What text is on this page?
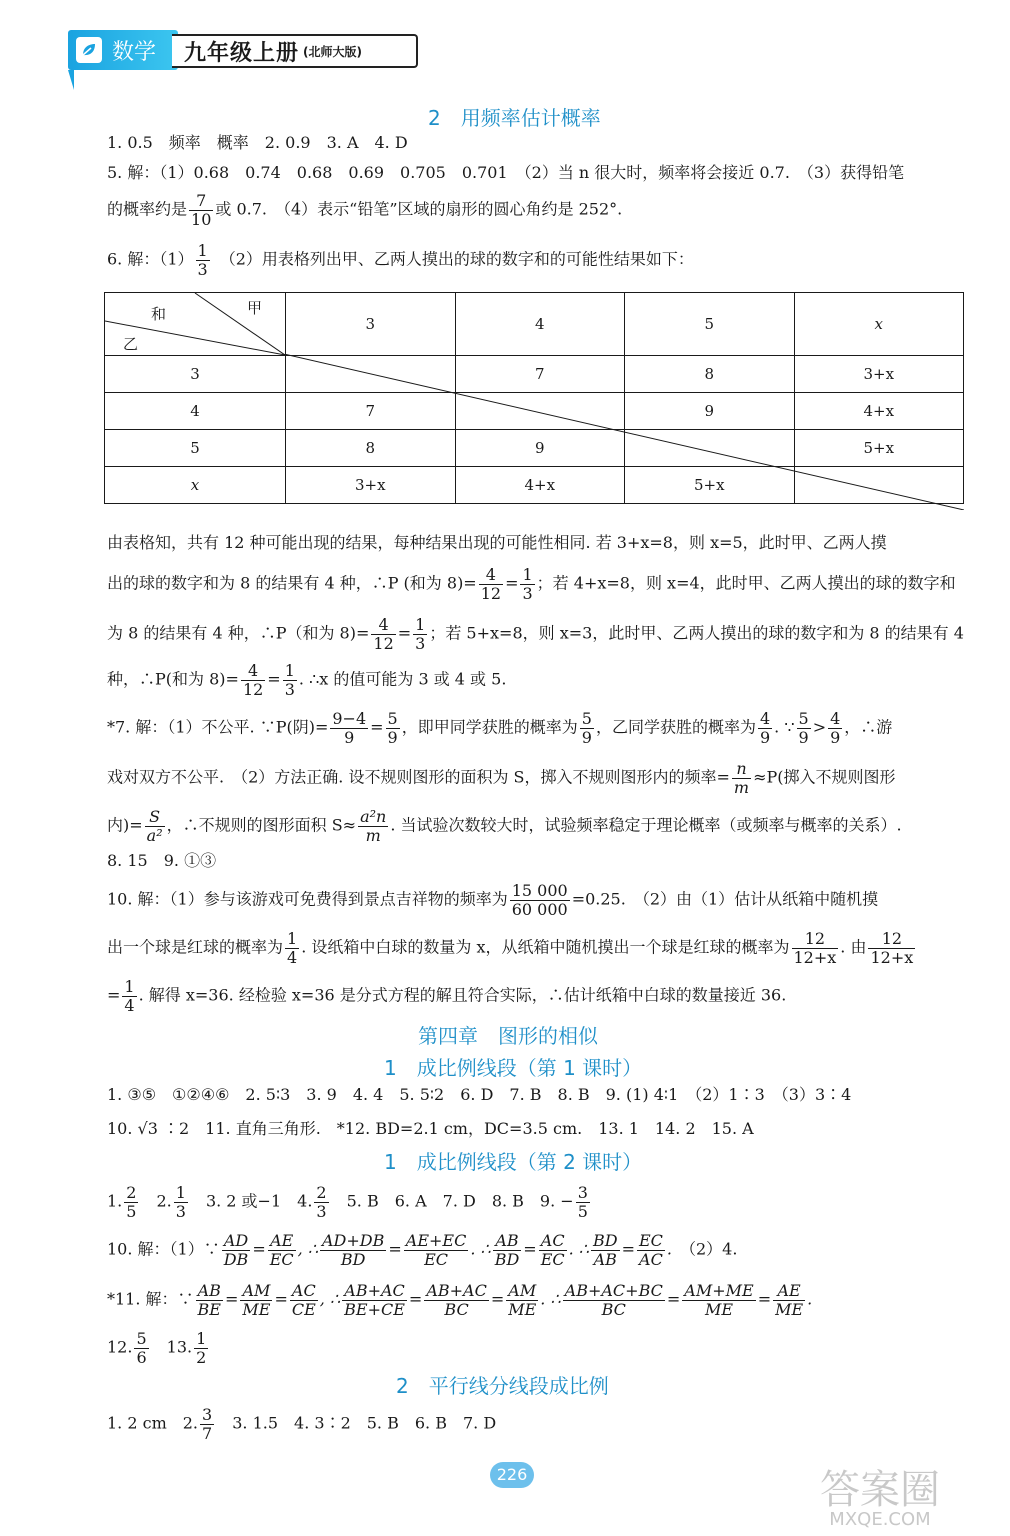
数学 九年级上册 (北师大版)
2　用频率估计概率
1. 0.5　频率　概率　2. 0.9　3. A　4. D
5. 解：（1）0.68　0.74　0.68　0.69　0.705　0.701　（2）当 n 很大时，频率将会接近 0.7.　（3）获得铅笔
的概率约是 $\frac{7}{10}$ 或 0.7.　（4）表示“铅笔”区域的扇形的圆心角约是 252°.
6. 解：$(1) \frac{1}{3}$
　 （2）用表格列出甲、乙两人摸出的球的数字和的可能性结果如下：
和 甲
乙	3	4	5	x
3		7	8	3+x
4	7		9	4+x
5	8	9		5+x
x	3+x	4+x	5+x	
由表格知，共有 12 种可能出现的结果，每种结果出现的可能性相同. 若 3+x=8，则 x=5，此时甲、乙两人摸
出的球的数字和为 8 的结果有 4 种，∴P (和为 $8)= \frac{4}{12} = \frac{1}{3}$ ；若 4+x=8，则 x=4，此时甲、乙两人摸出的球的数字和
为 8 的结果有 4 种，∴P（和为 $8)= \frac{4}{12} = \frac{1}{3}$ ；若 5+x=8，则 x=3，此时甲、乙两人摸出的球的数字和为 8 的结果有 4
种，∴P(和为 $8)= \frac{4}{12} = \frac{1}{3}$ . ∴x 的值可能为 3 或 4 或 5.
*7. 解：（1）不公平. ∵P(阴)= $\frac{9-4}{9} = \frac{5}{9}$ ，即甲同学获胜的概率为 $\frac{5}{9}$ ，乙同学获胜的概率为 $\frac{4}{9}$ . ∵ $\frac{5}{9} > \frac{4}{9}$ ，∴游
戏对双方不公平.　（2）方法正确. 设不规则图形的面积为 S，掷入不规则图形内的频率= $\frac{n}{m} \approx P$(掷入不规则图形
内)= $\frac{S}{\text{a²}}$ ，∴不规则的图形面积 $S\approx \frac{\text{a²n}}{m}$ . 当试验次数较大时，试验频率稳定于理论概率（或频率与概率的关系）.
8. 15　9. ①③
10. 解：（1）参与该游戏可免费得到景点吉祥物的频率为 $\frac{15 000}{60 000} =0.25$.　（2）由（1）估计从纸箱中随机摸
出一个球是红球的概率为 $\frac{1}{4}$ . 设纸箱中白球的数量为 x，从纸箱中随机摸出一个球是红球的概率为 $\frac{12}{12+x}$ . 由 $\frac{12}{12+x}$
= $\frac{1}{4}$ . 解得 x=36. 经检验 x=36 是分式方程的解且符合实际，∴估计纸箱中白球的数量接近 36.
第四章　图形的相似
1　成比例线段（第 1 课时）
1. ③⑤　①②④⑥　2. 5∶3　3. 9　4. 4　5. 5∶2　6. D　7. B　8. B　9. (1) 4∶1　（2）1∶3　（3）3∶4
10. √3 ∶2　11. 直角三角形.　*12. BD=2.1 cm，DC=3.5 cm.　13. 1　14. 2　15. A
1　成比例线段（第 2 课时）
1. $\frac{2}{5}$
　 2. $\frac{1}{3}$
　 3. 2 或−1　4. $\frac{2}{3}$
　 5. B　6. A　7. D　8. B　9. − $\frac{3}{5}$
10. 解：（1）∵ $\frac{AD}{DB} = \frac{AE}{EC}$ , ∴ $\frac{AD+DB}{BD} = \frac{AE+EC}{EC}$ . ∴ $\frac{AB}{BD} = \frac{AC}{EC}$ . ∴ $\frac{BD}{AB} = \frac{EC}{AC}$ .　（2）4.
*11. 解：∵ $\frac{AB}{BE} = \frac{AM}{ME} = \frac{AC}{CE}$ , ∴ $\frac{AB+AC}{BE+CE} = \frac{AB+AC}{BC} = \frac{AM}{ME}$ . ∴ $\frac{AB+AC+BC}{BC} = \frac{AM+ME}{ME} = \frac{AE}{ME}$ .
12. $\frac{5}{6}$
　 13. $\frac{1}{2}$
2　平行线分线段成比例
1. 2 cm　2. $\frac{3}{7}$
　 3. 1.5　4. 3∶2　5. B　6. B　7. D
226	答案圈
MXQE.COM
